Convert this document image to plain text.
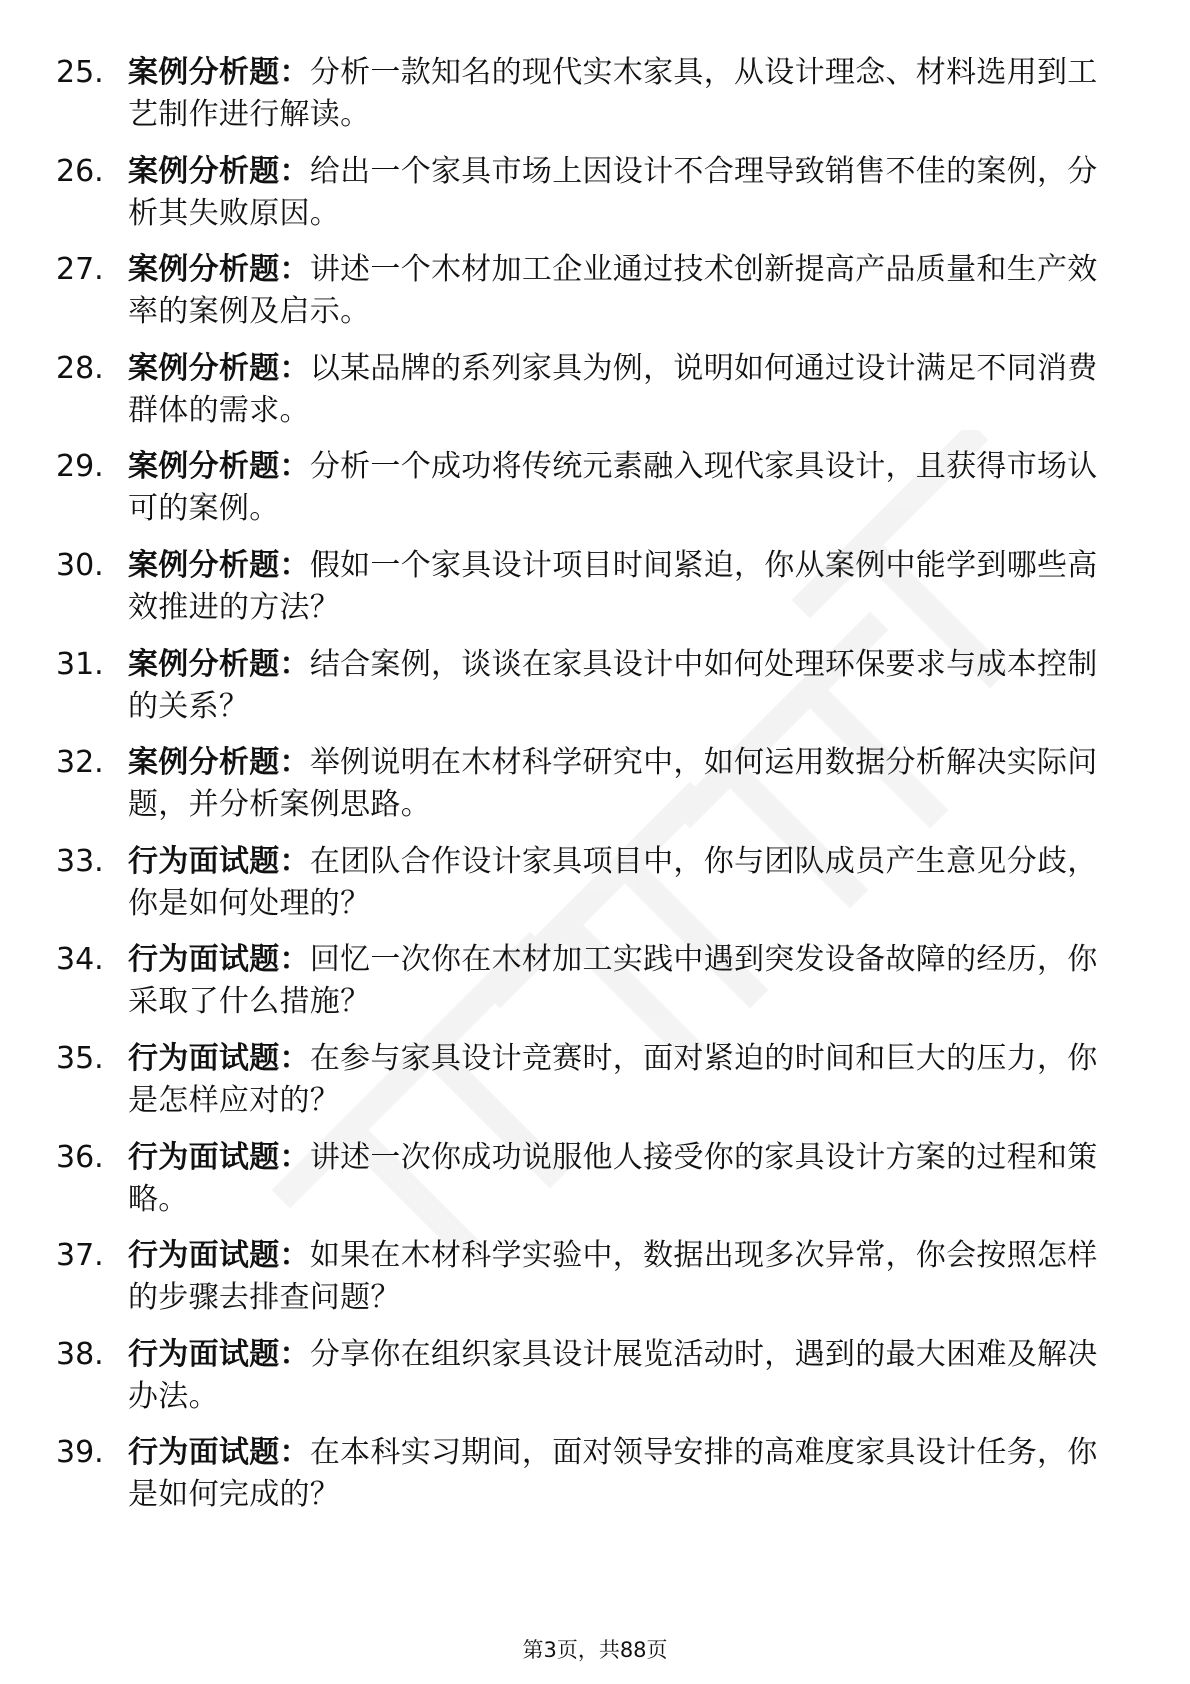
25. 案例分析题：分析一款知名的现代实木家具，从设计理念、材料选用到工艺制作进行解读。
26. 案例分析题：给出一个家具市场上因设计不合理导致销售不佳的案例，分析其失败原因。
27. 案例分析题：讲述一个木材加工企业通过技术创新提高产品质量和生产效率的案例及启示。
28. 案例分析题：以某品牌的系列家具为例，说明如何通过设计满足不同消费群体的需求。
29. 案例分析题：分析一个成功将传统元素融入现代家具设计，且获得市场认可的案例。
30. 案例分析题：假如一个家具设计项目时间紧迫，你从案例中能学到哪些高效推进的方法？
31. 案例分析题：结合案例，谈谈在家具设计中如何处理环保要求与成本控制的关系？
32. 案例分析题：举例说明在木材科学研究中，如何运用数据分析解决实际问题，并分析案例思路。
33. 行为面试题：在团队合作设计家具项目中，你与团队成员产生意见分歧，你是如何处理的？
34. 行为面试题：回忆一次你在木材加工实践中遇到突发设备故障的经历，你采取了什么措施？
35. 行为面试题：在参与家具设计竞赛时，面对紧迫的时间和巨大的压力，你是怎样应对的？
36. 行为面试题：讲述一次你成功说服他人接受你的家具设计方案的过程和策略。
37. 行为面试题：如果在木材科学实验中，数据出现多次异常，你会按照怎样的步骤去排查问题？
38. 行为面试题：分享你在组织家具设计展览活动时，遇到的最大困难及解决办法。
39. 行为面试题：在本科实习期间，面对领导安排的高难度家具设计任务，你是如何完成的？
第3页，共88页
